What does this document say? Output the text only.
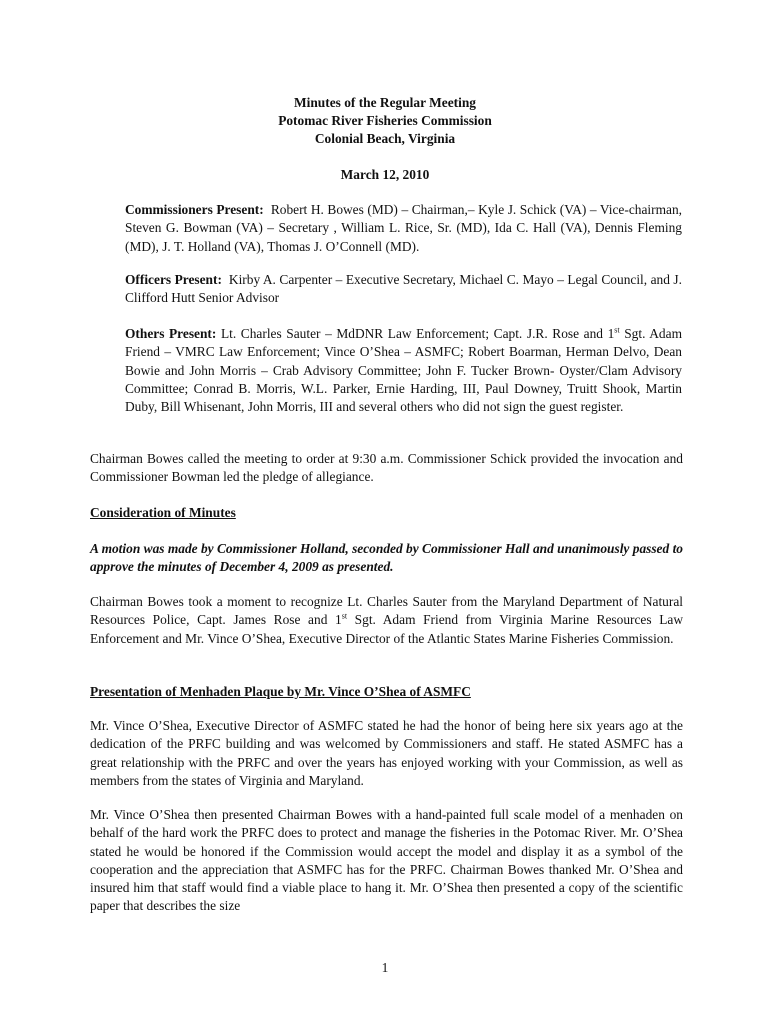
Minutes of the Regular Meeting
Potomac River Fisheries Commission
Colonial Beach, Virginia
March 12, 2010
Commissioners Present: Robert H. Bowes (MD) – Chairman,– Kyle J. Schick (VA) – Vice-chairman, Steven G. Bowman (VA) – Secretary , William L. Rice, Sr. (MD), Ida C. Hall (VA), Dennis Fleming (MD), J. T. Holland (VA), Thomas J. O’Connell (MD).
Officers Present: Kirby A. Carpenter – Executive Secretary, Michael C. Mayo – Legal Council, and J. Clifford Hutt Senior Advisor
Others Present: Lt. Charles Sauter – MdDNR Law Enforcement; Capt. J.R. Rose and 1st Sgt. Adam Friend – VMRC Law Enforcement; Vince O’Shea – ASMFC; Robert Boarman, Herman Delvo, Dean Bowie and John Morris – Crab Advisory Committee; John F. Tucker Brown- Oyster/Clam Advisory Committee; Conrad B. Morris, W.L. Parker, Ernie Harding, III, Paul Downey, Truitt Shook, Martin Duby, Bill Whisenant, John Morris, III and several others who did not sign the guest register.
Chairman Bowes called the meeting to order at 9:30 a.m. Commissioner Schick provided the invocation and Commissioner Bowman led the pledge of allegiance.
Consideration of Minutes
A motion was made by Commissioner Holland, seconded by Commissioner Hall and unanimously passed to approve the minutes of December 4, 2009 as presented.
Chairman Bowes took a moment to recognize Lt. Charles Sauter from the Maryland Department of Natural Resources Police, Capt. James Rose and 1st Sgt. Adam Friend from Virginia Marine Resources Law Enforcement and Mr. Vince O’Shea, Executive Director of the Atlantic States Marine Fisheries Commission.
Presentation of Menhaden Plaque by Mr. Vince O’Shea of ASMFC
Mr. Vince O’Shea, Executive Director of ASMFC stated he had the honor of being here six years ago at the dedication of the PRFC building and was welcomed by Commissioners and staff. He stated ASMFC has a great relationship with the PRFC and over the years has enjoyed working with your Commission, as well as members from the states of Virginia and Maryland.
Mr. Vince O’Shea then presented Chairman Bowes with a hand-painted full scale model of a menhaden on behalf of the hard work the PRFC does to protect and manage the fisheries in the Potomac River. Mr. O’Shea stated he would be honored if the Commission would accept the model and display it as a symbol of the cooperation and the appreciation that ASMFC has for the PRFC. Chairman Bowes thanked Mr. O’Shea and insured him that staff would find a viable place to hang it. Mr. O’Shea then presented a copy of the scientific paper that describes the size
1
